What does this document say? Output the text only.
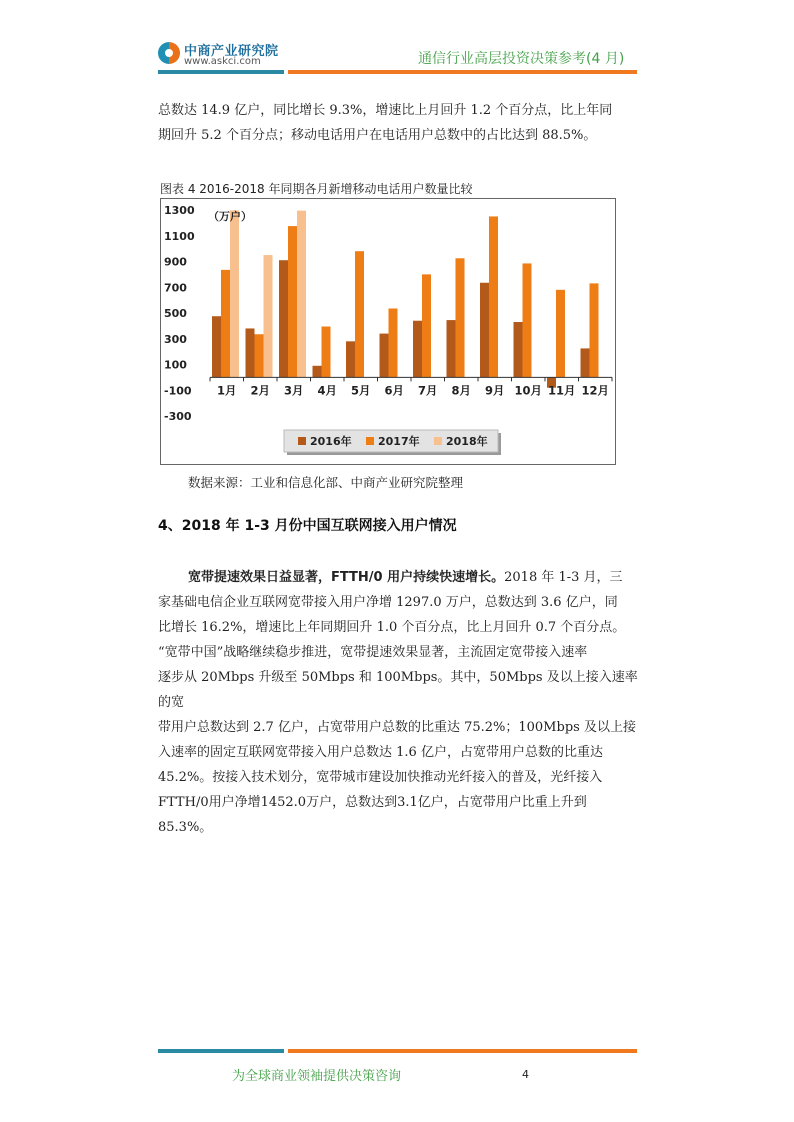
中商产业研究院
www.askci.com	通信行业高层投资决策参考(4 月)

总数达 14.9 亿户，同比增长 9.3%，增速比上月回升 1.2 个百分点，比上年同

期回升 5.2 个百分点；移动电话用户在电话用户总数中的占比达到 88.5%。

图表 4 2016-2018 年同期各月新增移动电话用户数量比较
1300
1100
900
700
500
300
100
-100
-300
1月 2月 3月 4月 5月 6月 7月 8月 9月 10月 11月 12月
（万户）
2016年 2017年 2018年
数据来源：工业和信息化部、中商产业研究院整理
4、2018 年 1-3 月份中国互联网接入用户情况

宽带提速效果日益显著，FTTH/0 用户持续快速增长。2018 年 1-3 月，三

家基础电信企业互联网宽带接入用户净增 1297.0 万户，总数达到 3.6 亿户，同

比增长 16.2%，增速比上年同期回升 1.0 个百分点，比上月回升 0.7 个百分点。

“宽带中国”战略继续稳步推进，宽带提速效果显著，主流固定宽带接入速率

逐步从 20Mbps 升级至 50Mbps 和 100Mbps。其中，50Mbps 及以上接入速率的宽

带用户总数达到 2.7 亿户，占宽带用户总数的比重达 75.2%；100Mbps 及以上接

入速率的固定互联网宽带接入用户总数达 1.6 亿户，占宽带用户总数的比重达

45.2%。按接入技术划分，宽带城市建设加快推动光纤接入的普及，光纤接入

FTTH/0用户净增1452.0万户，总数达到3.1亿户，占宽带用户比重上升到85.3%。

为全球商业领袖提供决策咨询	4
